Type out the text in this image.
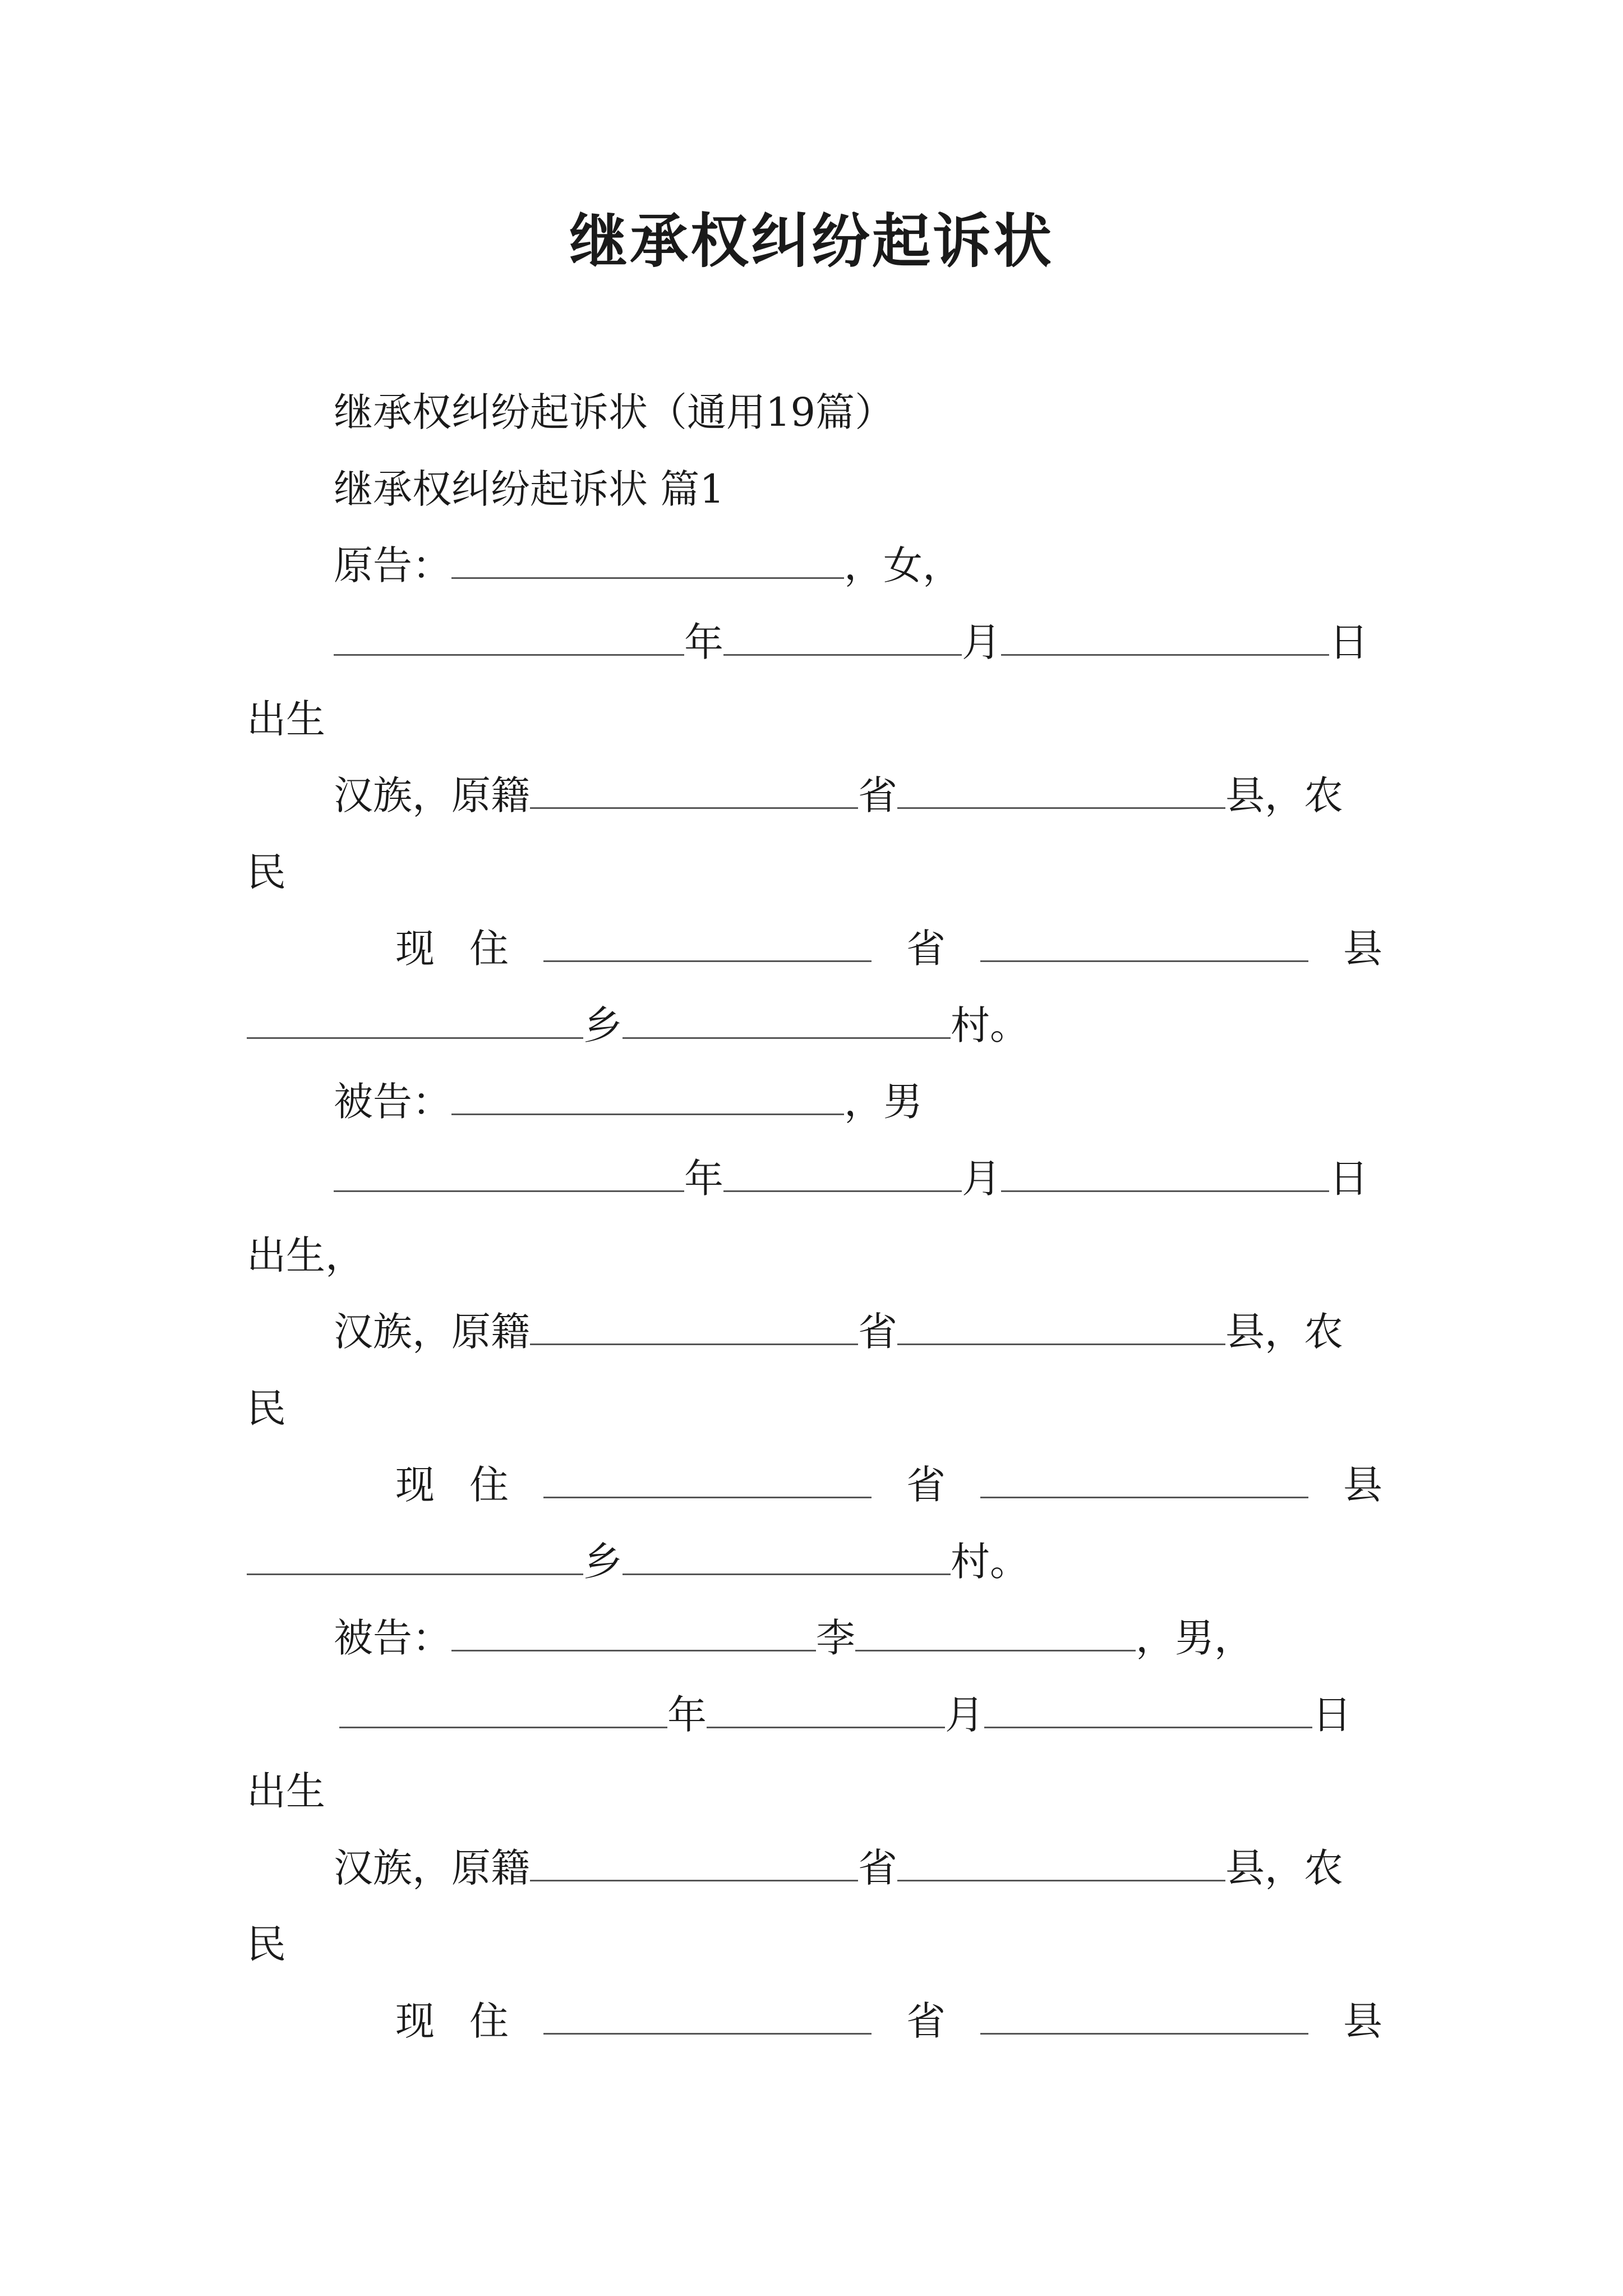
继承权纠纷起诉状
继承权纠纷起诉状（通用19篇）
继承权纠纷起诉状 篇1
原告：	，女，
年	月	日
出生
汉族，原籍	省	县，农
民
现 住	省	县
乡	村。
被告：	，男
年	月	日
出生，
汉族，原籍	省	县，农
民
现 住	省	县
乡	村。
被告：	李	，男，
年	月	日
出生
汉族，原籍	省	县，农
民
现 住	省	县
